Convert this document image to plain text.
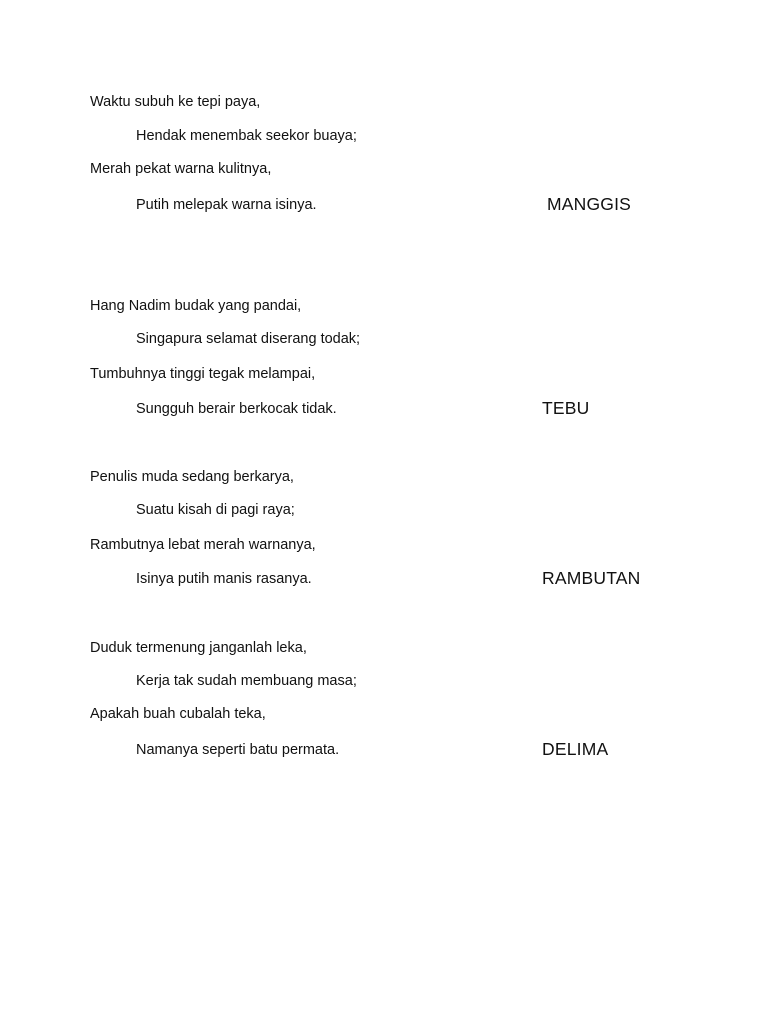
Waktu subuh ke tepi paya,
Hendak menembak seekor buaya;
Merah pekat warna kulitnya,
Putih melepak warna isinya.	MANGGIS
Hang Nadim budak yang pandai,
Singapura selamat diserang todak;
Tumbuhnya tinggi tegak melampai,
Sungguh berair berkocak tidak.	TEBU
Penulis muda sedang berkarya,
Suatu kisah di pagi raya;
Rambutnya lebat merah warnanya,
Isinya putih manis rasanya.	RAMBUTAN
Duduk termenung janganlah leka,
Kerja tak sudah membuang masa;
Apakah buah cubalah teka,
Namanya seperti batu permata.	DELIMA
